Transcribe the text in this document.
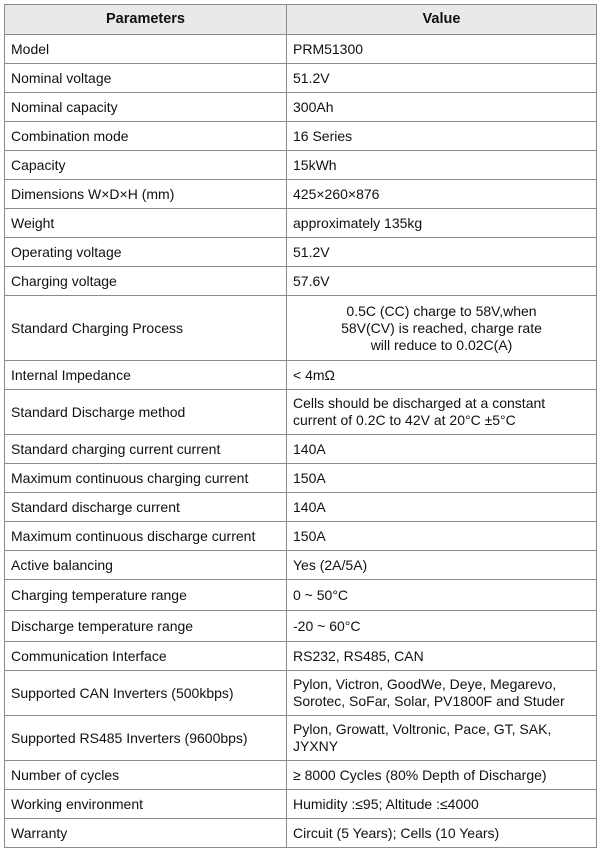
Parameters	Value
Model	PRM51300
Nominal voltage	51.2V
Nominal capacity	300Ah
Combination mode	16 Series
Capacity	15kWh
Dimensions W×D×H (mm)	425×260×876
Weight	approximately 135kg
Operating voltage	51.2V
Charging voltage	57.6V
Standard Charging Process	0.5C (CC) charge to 58V,when
58V(CV) is reached, charge rate
will reduce to 0.02C(A)

Internal Impedance	< 4mΩ
Standard Discharge method	Cells should be discharged at a constant
current of 0.2C to 42V at 20°C ±5°C

Standard charging current current	140A
Maximum continuous charging current	150A
Standard discharge current	140A
Maximum continuous discharge current	150A
Active balancing	Yes (2A/5A)
Charging temperature range	0 ~ 50°C
Discharge temperature range	-20 ~ 60°C
Communication Interface	RS232, RS485, CAN
Supported CAN Inverters (500kbps)	Pylon, Victron, GoodWe, Deye, Megarevo,
Sorotec, SoFar, Solar, PV1800F and Studer

Supported RS485 Inverters (9600bps)	Pylon, Growatt, Voltronic, Pace, GT, SAK,
JYXNY

Number of cycles	≥ 8000 Cycles (80% Depth of Discharge)
Working environment	Humidity :≤95; Altitude :≤4000
Warranty	Circuit (5 Years); Cells (10 Years)
